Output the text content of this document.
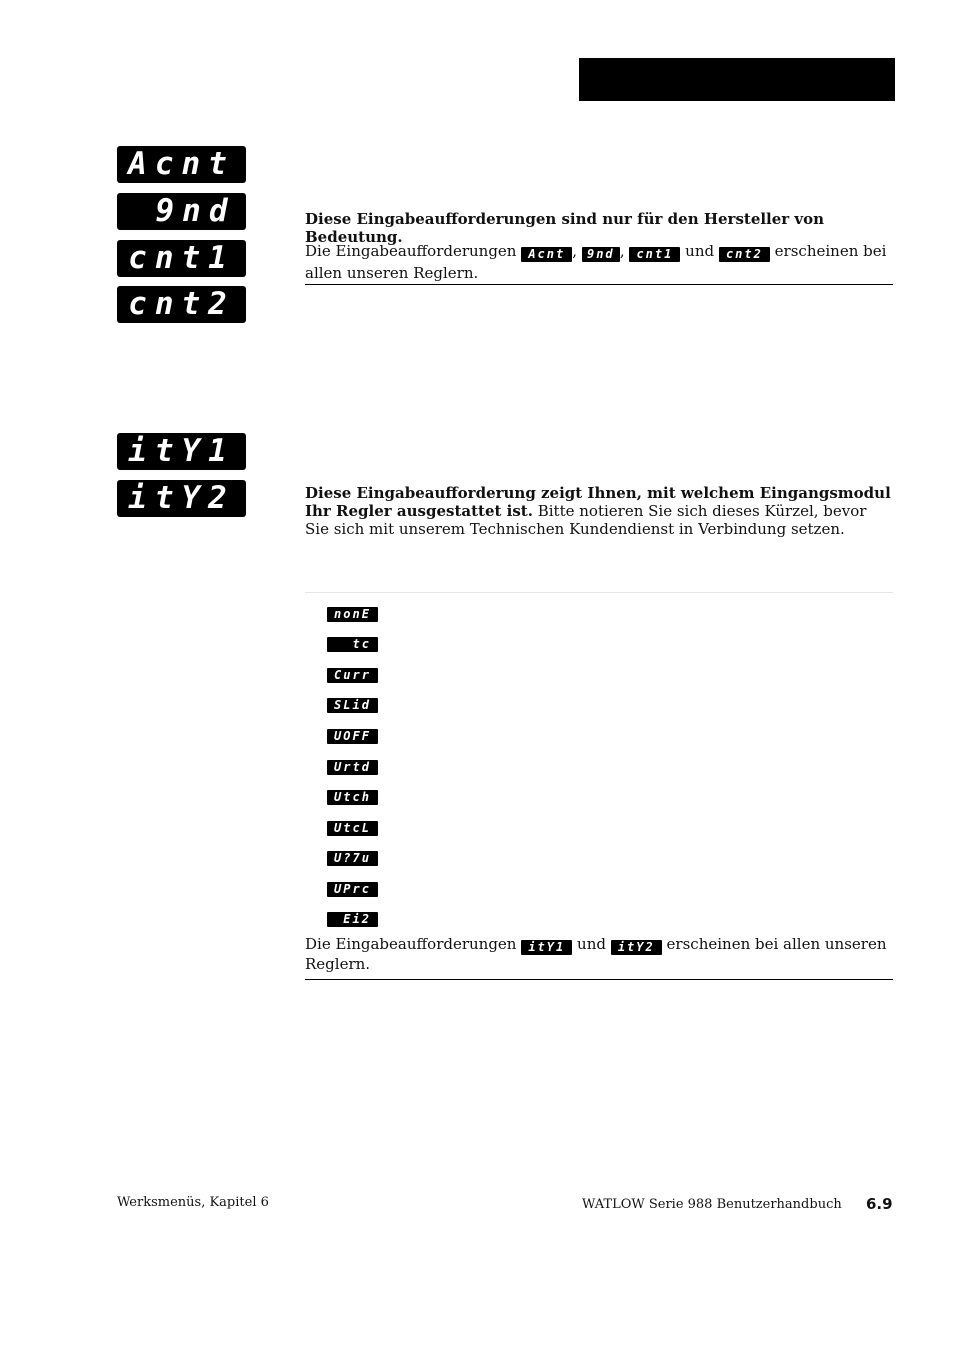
Acnt
9nd
cnt1
cnt2
Diese Eingabeaufforderungen sind nur für den Hersteller von Bedeutung.
Die Eingabeaufforderungen Acnt , 9nd , cnt1 und cnt2 erscheinen bei allen unseren Reglern.
itY1
itY2	Diese Eingabeaufforderung zeigt Ihnen, mit welchem Eingangsmodul Ihr Regler ausgestattet ist. Bitte notieren Sie sich dieses Kürzel, bevor Sie sich mit unserem Technischen Kundendienst in Verbindung setzen.
nonE
tc
Curr
SLid
UOFF
Urtd
Utch
UtcL
U?7u
UPrc
Ei2
Die Eingabeaufforderungen itY1 und itY2 erscheinen bei allen unseren Reglern.
Werksmenüs, Kapitel 6	WATLOW Serie 988 Benutzerhandbuch 6.9
